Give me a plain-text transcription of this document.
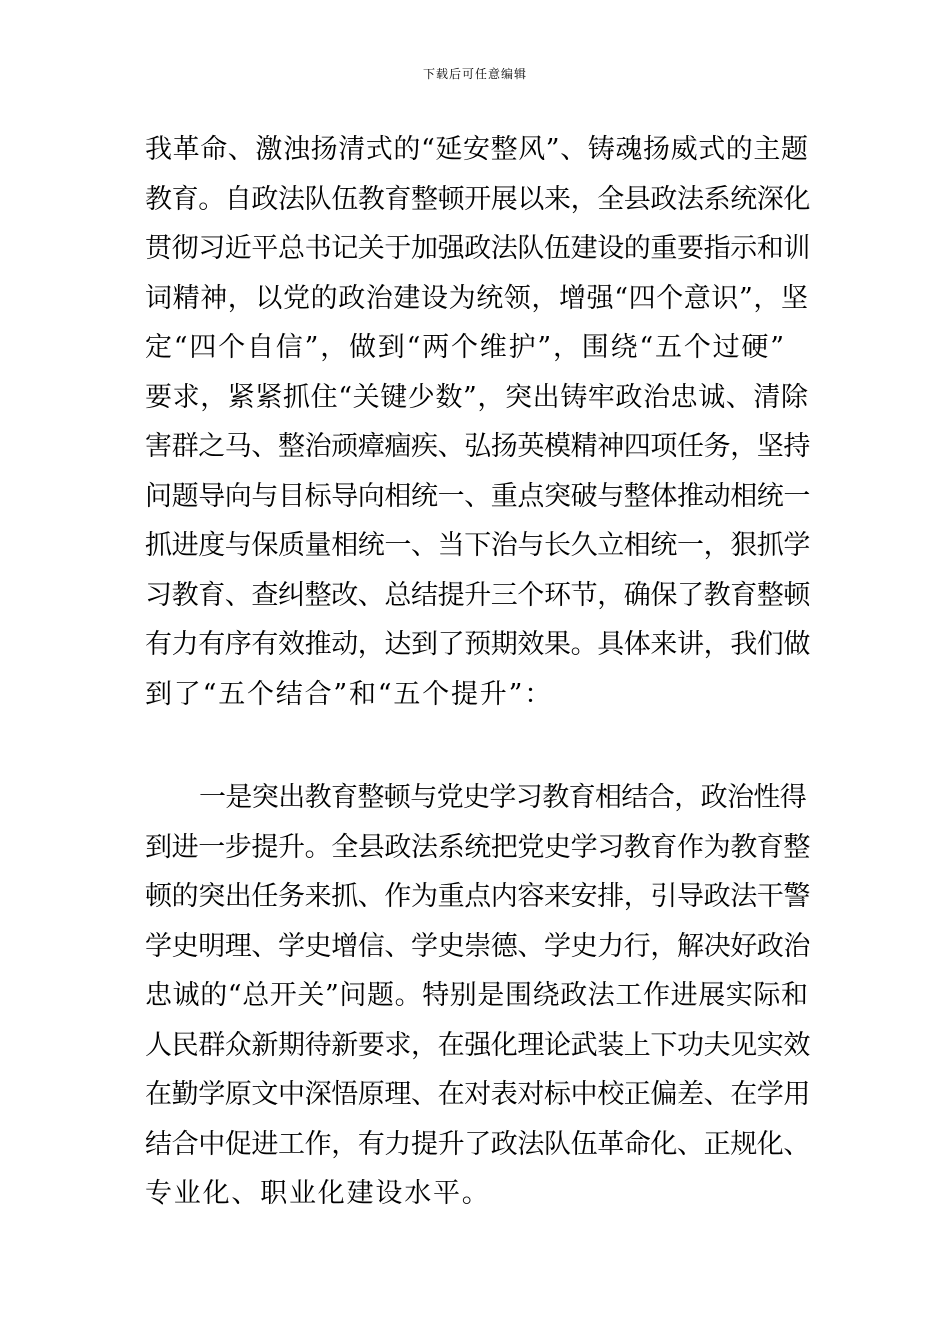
下载后可任意编辑
我革命、激浊扬清式的“延安整风”、铸魂扬威式的主题
教育。自政法队伍教育整顿开展以来，全县政法系统深化
贯彻习近平总书记关于加强政法队伍建设的重要指示和训
词精神，以党的政治建设为统领，增强“四个意识”，坚
定“四个自信”，做到“两个维护”，围绕“五个过硬”
要求，紧紧抓住“关键少数”，突出铸牢政治忠诚、清除
害群之马、整治顽瘴痼疾、弘扬英模精神四项任务，坚持
问题导向与目标导向相统一、重点突破与整体推动相统一
抓进度与保质量相统一、当下治与长久立相统一，狠抓学
习教育、查纠整改、总结提升三个环节，确保了教育整顿
有力有序有效推动，达到了预期效果。具体来讲，我们做
到了“五个结合”和“五个提升”：
一是突出教育整顿与党史学习教育相结合，政治性得
到进一步提升。全县政法系统把党史学习教育作为教育整
顿的突出任务来抓、作为重点内容来安排，引导政法干警
学史明理、学史增信、学史崇德、学史力行，解决好政治
忠诚的“总开关”问题。特别是围绕政法工作进展实际和
人民群众新期待新要求，在强化理论武装上下功夫见实效
在勤学原文中深悟原理、在对表对标中校正偏差、在学用
结合中促进工作，有力提升了政法队伍革命化、正规化、
专业化、职业化建设水平。
